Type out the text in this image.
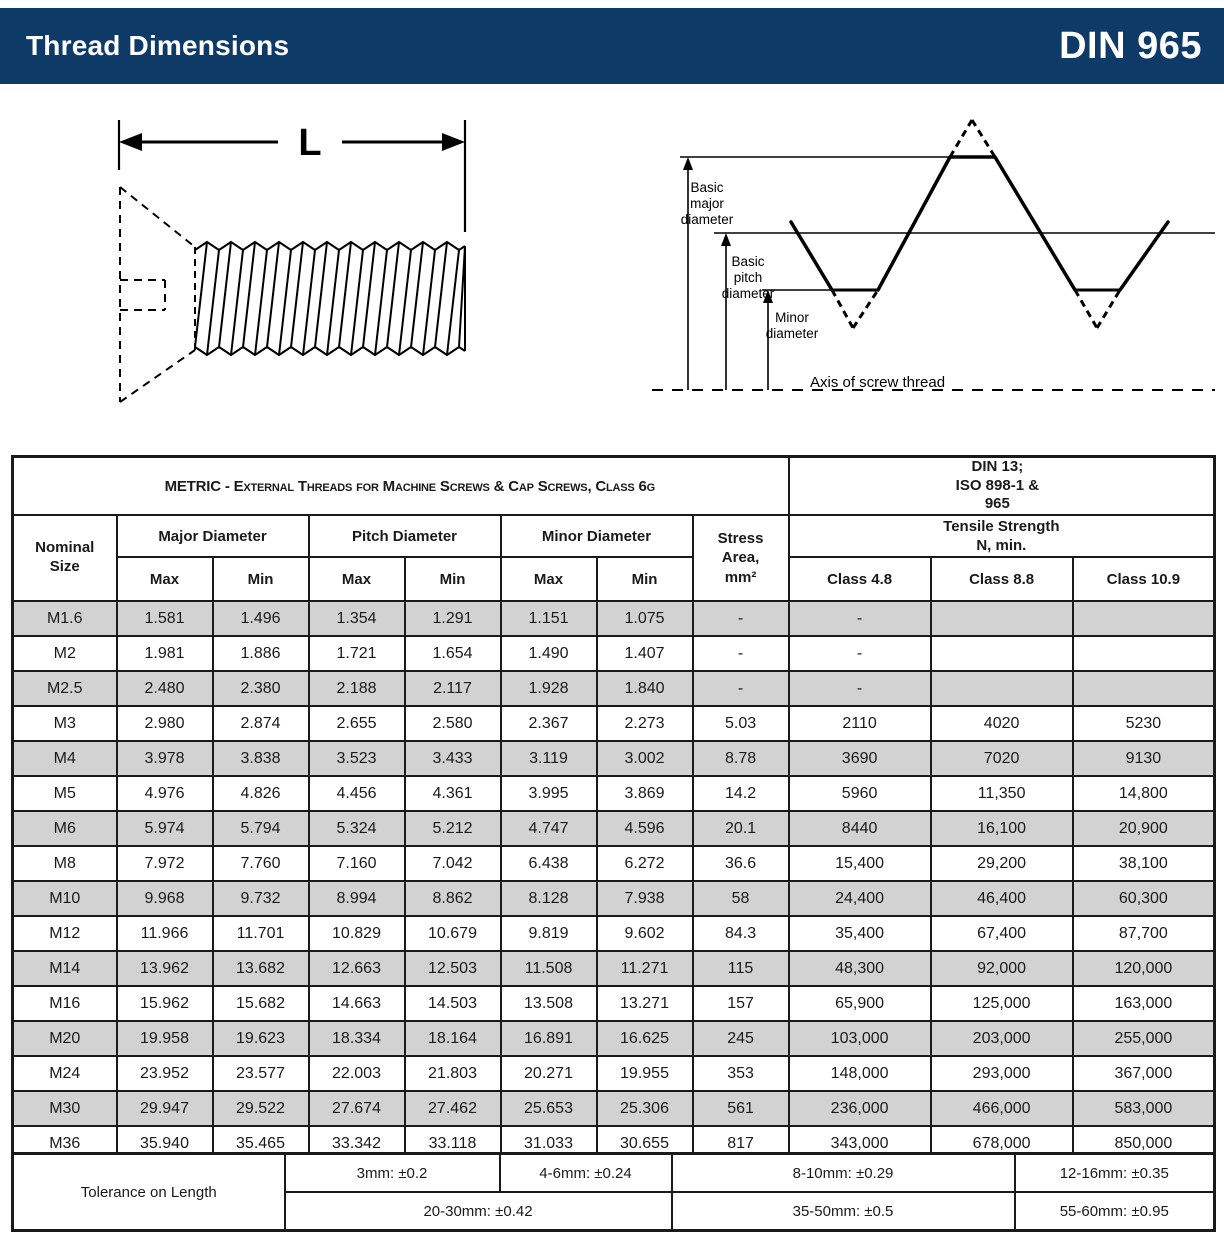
Thread Dimensions	DIN 965
L
Axis of screw thread
Basic
major
diameter
Basic
pitch
diameter
Minor
diameter
METRIC - External Threads for Machine Screws & Cap Screws, Class 6g								DIN 13;
ISO 898-1 &
965		
Nominal
Size	Major Diameter		Pitch Diameter		Minor Diameter		Stress
Area,
mm²	Tensile Strength
N, min.		
	Max	Min	Max	Min	Max	Min		Class 4.8	Class 8.8	Class 10.9
M1.6	1.581	1.496	1.354	1.291	1.151	1.075	-	-		
M2	1.981	1.886	1.721	1.654	1.490	1.407	-	-		
M2.5	2.480	2.380	2.188	2.117	1.928	1.840	-	-		
M3	2.980	2.874	2.655	2.580	2.367	2.273	5.03	2110	4020	5230
M4	3.978	3.838	3.523	3.433	3.119	3.002	8.78	3690	7020	9130
M5	4.976	4.826	4.456	4.361	3.995	3.869	14.2	5960	11,350	14,800
M6	5.974	5.794	5.324	5.212	4.747	4.596	20.1	8440	16,100	20,900
M8	7.972	7.760	7.160	7.042	6.438	6.272	36.6	15,400	29,200	38,100
M10	9.968	9.732	8.994	8.862	8.128	7.938	58	24,400	46,400	60,300
M12	11.966	11.701	10.829	10.679	9.819	9.602	84.3	35,400	67,400	87,700
M14	13.962	13.682	12.663	12.503	11.508	11.271	115	48,300	92,000	120,000
M16	15.962	15.682	14.663	14.503	13.508	13.271	157	65,900	125,000	163,000
M20	19.958	19.623	18.334	18.164	16.891	16.625	245	103,000	203,000	255,000
M24	23.952	23.577	22.003	21.803	20.271	19.955	353	148,000	293,000	367,000
M30	29.947	29.522	27.674	27.462	25.653	25.306	561	236,000	466,000	583,000
M36	35.940	35.465	33.342	33.118	31.033	30.655	817	343,000	678,000	850,000
Tolerance on Length	3mm: ±0.2	4-6mm: ±0.24	8-10mm: ±0.29	12-16mm: ±0.35
	20-30mm: ±0.42		35-50mm: ±0.5	55-60mm: ±0.95
